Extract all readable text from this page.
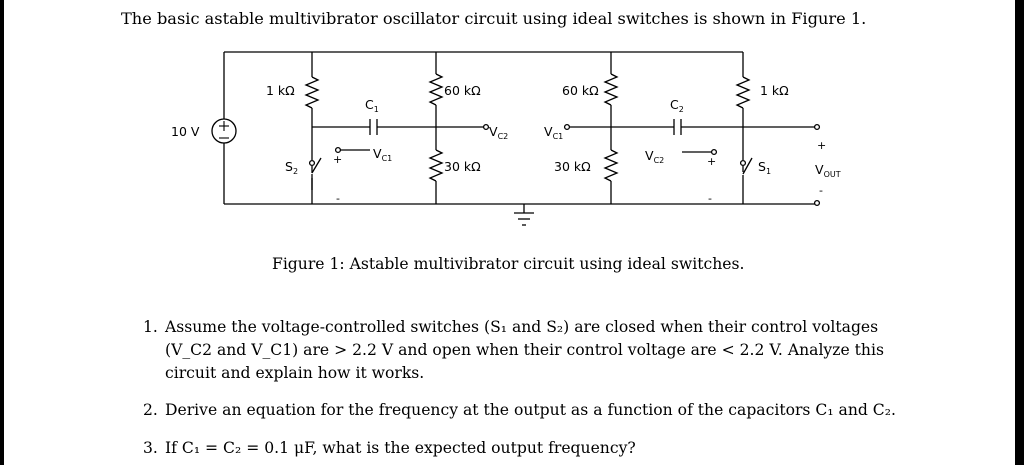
The basic astable multivibrator oscillator circuit using ideal switches is shown in Figure 1.
10 V
1 kΩ	60 kΩ	60 kΩ	1 kΩ
30 kΩ	30 kΩ
$C_1$	$C_2$
$S_2$	$S_1$
$V_{C2}$	$V_{C1}$
$V_{C1}$	$V_{C2}$
$V_{OUT}$
+
-
+
-
+
-
Figure 1: Astable multivibrator circuit using ideal switches.
1. Assume the voltage-controlled switches (S₁ and S₂) are closed when their control voltages (V_C2 and V_C1) are > 2.2 V and open when their control voltage are < 2.2 V. Analyze this circuit and explain how it works.
2. Derive an equation for the frequency at the output as a function of the capacitors C₁ and C₂.
3. If C₁ = C₂ = 0.1 μF, what is the expected output frequency?
